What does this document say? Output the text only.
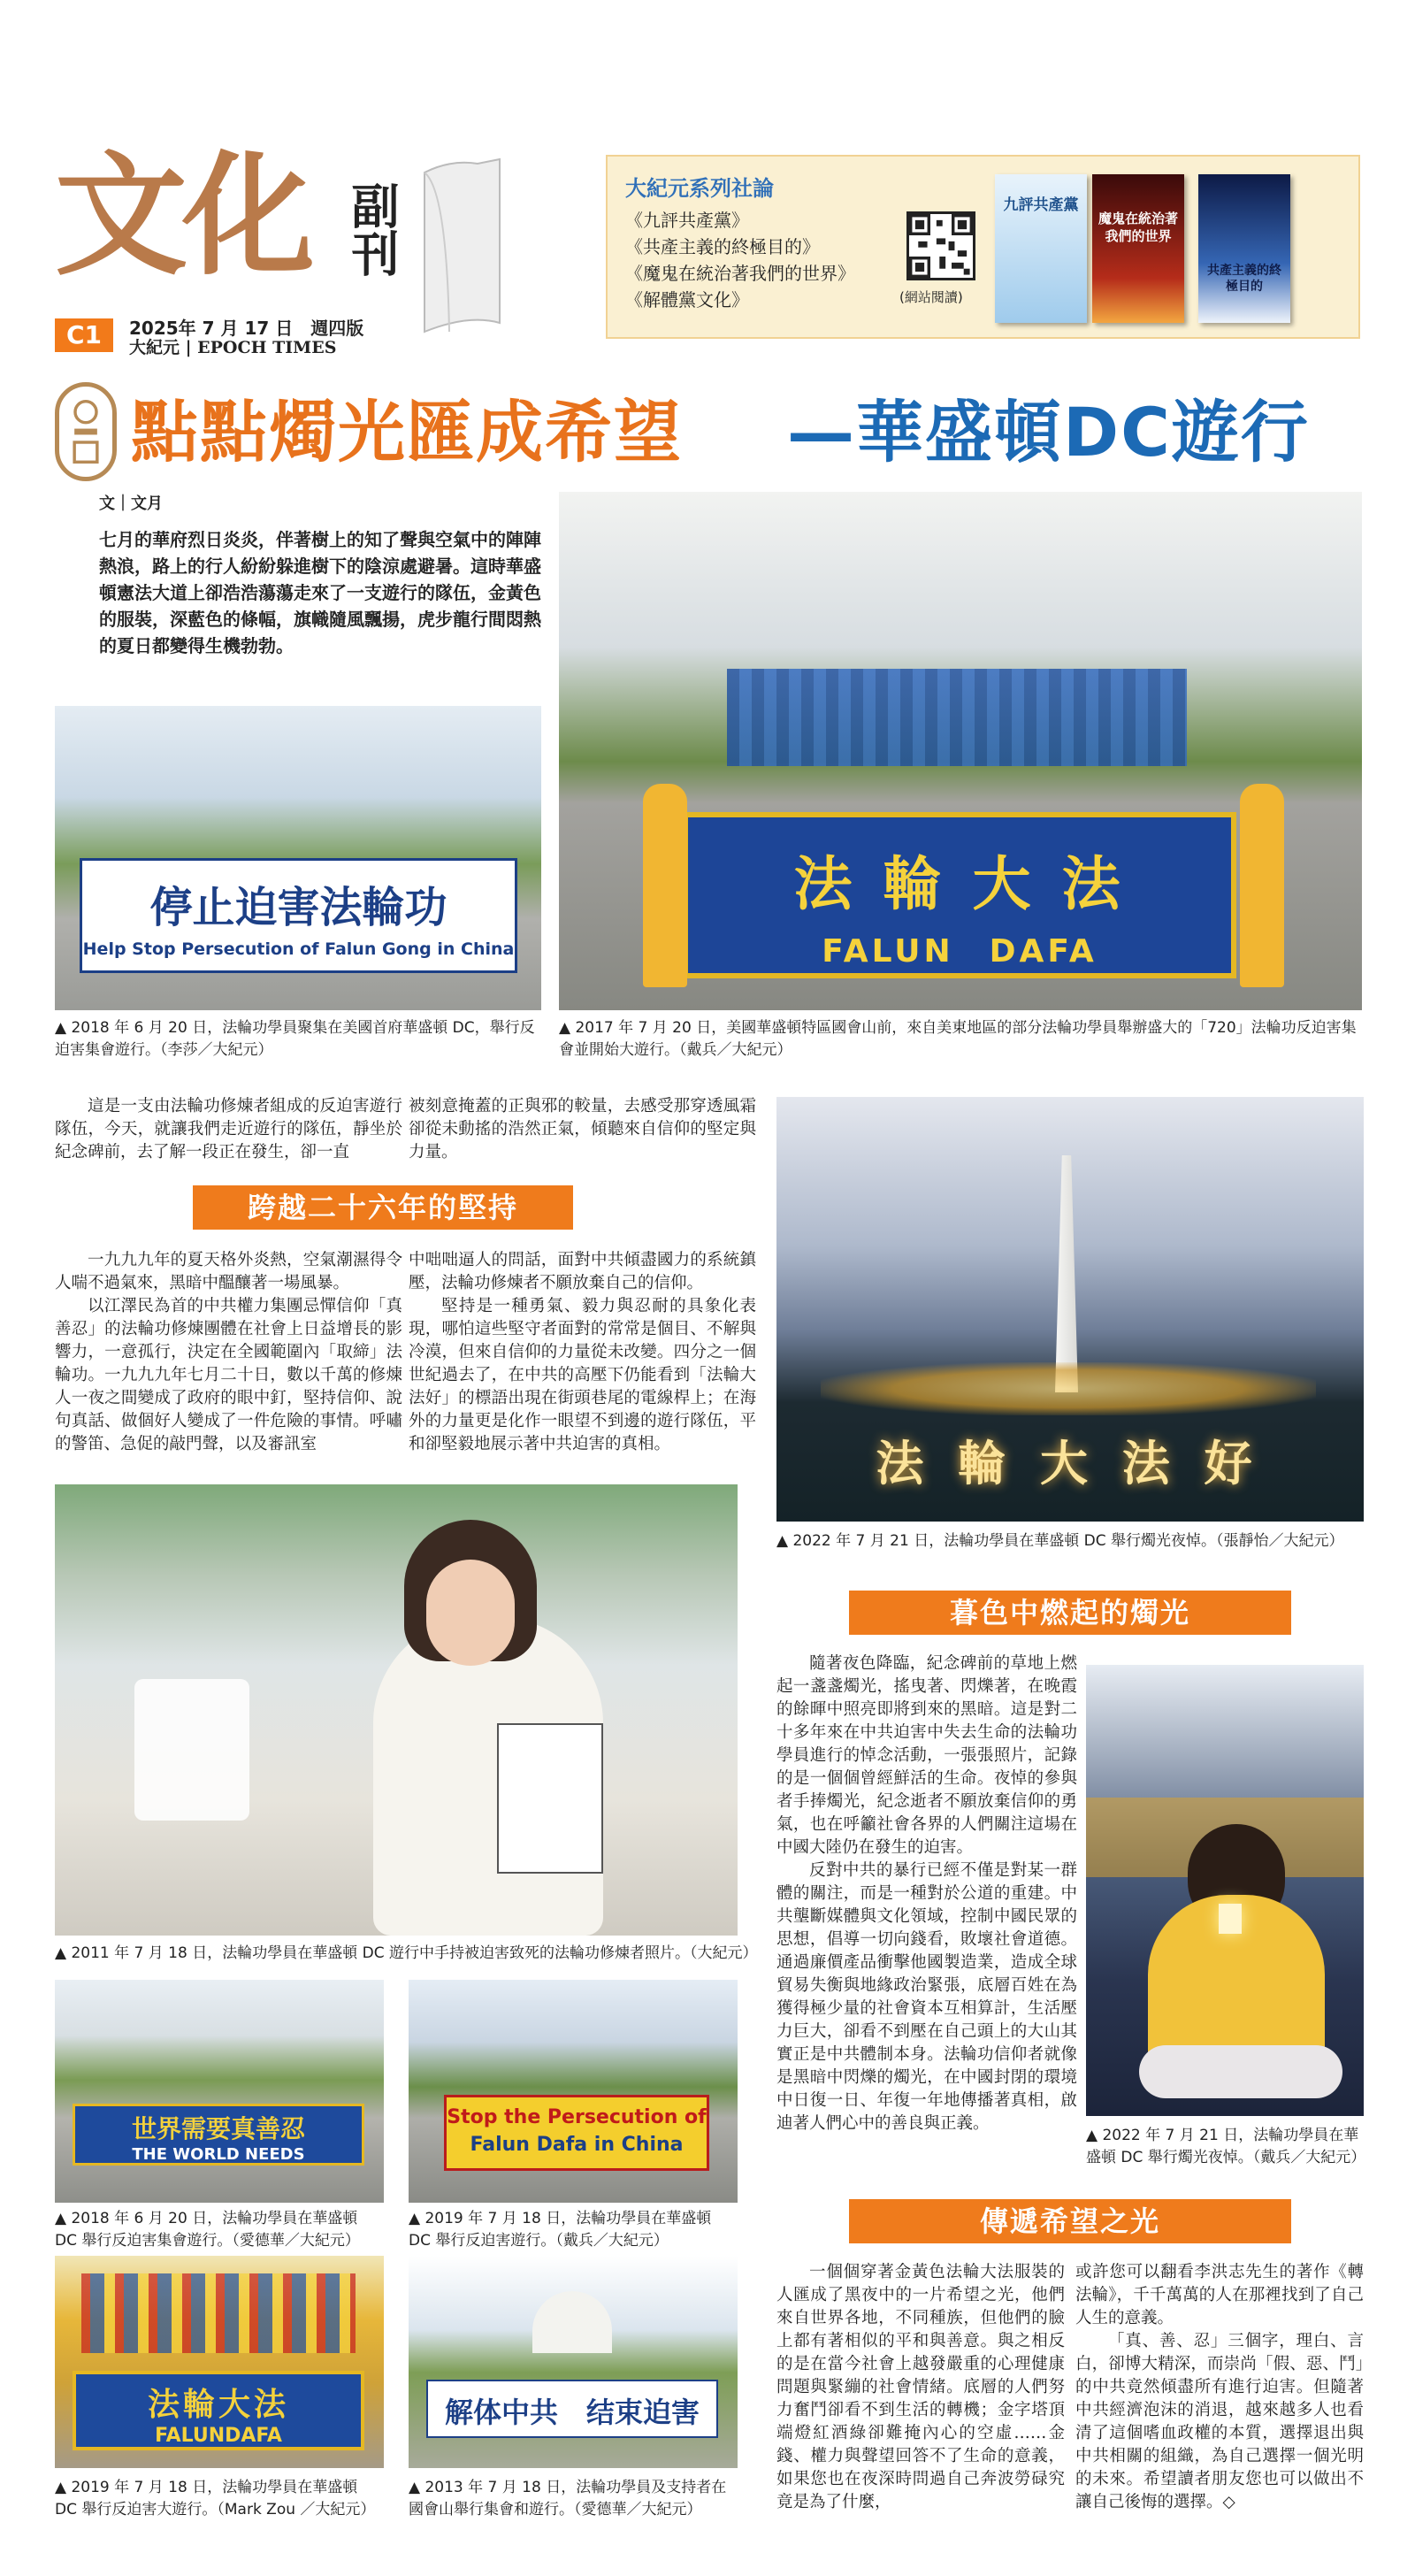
文化 副刊
C1	2025年 7 月 17 日　週四版
大紀元 | EPOCH TIMES
大紀元系列社論
《九評共產黨》
《共產主義的終極目的》
《魔鬼在統治著我們的世界》
《解體黨文化》	(網站閱讀)
九評共產黨
魔鬼在統治著我們的世界
共產主義的終極目的
點點燭光匯成希望 —華盛頓DC遊行
文｜文月
七月的華府烈日炎炎，伴著樹上的知了聲與空氣中的陣陣熱浪，路上的行人紛紛躲進樹下的陰涼處避暑。這時華盛頓憲法大道上卻浩浩蕩蕩走來了一支遊行的隊伍，金黃色的服裝，深藍色的條幅，旗幟隨風飄揚，虎步龍行間悶熱的夏日都變得生機勃勃。
停止迫害法輪功
Help Stop Persecution of Falun Gong in China
▲ 2018 年 6 月 20 日，法輪功學員聚集在美國首府華盛頓 DC，舉行反迫害集會遊行。（李莎／大紀元）
法 輪 大 法
FALUN　DAFA
▲ 2017 年 7 月 20 日，美國華盛頓特區國會山前，來自美東地區的部分法輪功學員舉辦盛大的「720」法輪功反迫害集會並開始大遊行。（戴兵／大紀元）
這是一支由法輪功修煉者組成的反迫害遊行隊伍，今天，就讓我們走近遊行的隊伍，靜坐於紀念碑前，去了解一段正在發生，卻一直
被刻意掩蓋的正與邪的較量，去感受那穿透風霜卻從未動搖的浩然正氣，傾聽來自信仰的堅定與力量。
跨越二十六年的堅持

一九九九年的夏天格外炎熱，空氣潮濕得令人喘不過氣來，黑暗中醞釀著一場風暴。

以江澤民為首的中共權力集團忌憚信仰「真善忍」的法輪功修煉團體在社會上日益增長的影響力，一意孤行，決定在全國範圍內「取締」法輪功。一九九九年七月二十日，數以千萬的修煉人一夜之間變成了政府的眼中釘，堅持信仰、說句真話、做個好人變成了一件危險的事情。呼嘯的警笛、急促的敲門聲，以及審訊室

中咄咄逼人的問話，面對中共傾盡國力的系統鎮壓，法輪功修煉者不願放棄自己的信仰。

堅持是一種勇氣、毅力與忍耐的具象化表現，哪怕這些堅守者面對的常常是個目、不解與冷漠，但來自信仰的力量從未改變。四分之一個世紀過去了，在中共的高壓下仍能看到「法輪大法好」的標語出現在街頭巷尾的電線桿上；在海外的力量更是化作一眼望不到邊的遊行隊伍，平和卻堅毅地展示著中共迫害的真相。	法 輪 大 法 好
▲ 2022 年 7 月 21 日，法輪功學員在華盛頓 DC 舉行燭光夜悼。（張靜怡／大紀元）
▲ 2011 年 7 月 18 日，法輪功學員在華盛頓 DC 遊行中手持被迫害致死的法輪功修煉者照片。（大紀元）
暮色中燃起的燭光

隨著夜色降臨，紀念碑前的草地上燃起一盞盞燭光，搖曳著、閃爍著，在晚霞的餘暉中照亮即將到來的黑暗。這是對二十多年來在中共迫害中失去生命的法輪功學員進行的悼念活動，一張張照片，記錄的是一個個曾經鮮活的生命。夜悼的參與者手捧燭光，紀念逝者不願放棄信仰的勇氣，也在呼籲社會各界的人們關注這場在中國大陸仍在發生的迫害。

反對中共的暴行已經不僅是對某一群體的關注，而是一種對於公道的重建。中共壟斷媒體與文化領域，控制中國民眾的思想，倡導一切向錢看，敗壞社會道德。通過廉價產品衝擊他國製造業，造成全球貿易失衡與地緣政治緊張，底層百姓在為獲得極少量的社會資本互相算計，生活壓力巨大，卻看不到壓在自己頭上的大山其實正是中共體制本身。法輪功信仰者就像是黑暗中閃爍的燭光，在中國封閉的環境中日復一日、年復一年地傳播著真相，啟迪著人們心中的善良與正義。

▲ 2022 年 7 月 21 日，法輪功學員在華盛頓 DC 舉行燭光夜悼。（戴兵／大紀元）
世界需要真善忍
THE WORLD NEEDS
▲ 2018 年 6 月 20 日，法輪功學員在華盛頓 DC 舉行反迫害集會遊行。（愛德華／大紀元）
Stop the Persecution of
Falun Dafa in China
▲ 2019 年 7 月 18 日，法輪功學員在華盛頓 DC 舉行反迫害遊行。（戴兵／大紀元）
法輪大法
FALUNDAFA
▲ 2019 年 7 月 18 日，法輪功學員在華盛頓 DC 舉行反迫害大遊行。（Mark Zou ／大紀元）
解体中共　结束迫害
▲ 2013 年 7 月 18 日，法輪功學員及支持者在國會山舉行集會和遊行。（愛德華／大紀元）
傳遞希望之光

一個個穿著金黃色法輪大法服裝的人匯成了黑夜中的一片希望之光，他們來自世界各地，不同種族，但他們的臉上都有著相似的平和與善意。與之相反的是在當今社會上越發嚴重的心理健康問題與緊繃的社會情緒。底層的人們努力奮鬥卻看不到生活的轉機；金字塔頂端燈紅酒綠卻難掩內心的空虛……金錢、權力與聲望回答不了生命的意義，如果您也在夜深時問過自己奔波勞碌究竟是為了什麼，

或許您可以翻看李洪志先生的著作《轉法輪》，千千萬萬的人在那裡找到了自己人生的意義。

「真、善、忍」三個字，理白、言白，卻博大精深，而崇尚「假、惡、鬥」的中共竟然傾盡所有進行迫害。但隨著中共經濟泡沫的消退，越來越多人也看清了這個嗜血政權的本質，選擇退出與中共相關的組織，為自己選擇一個光明的未來。希望讀者朋友您也可以做出不讓自己後悔的選擇。◇
